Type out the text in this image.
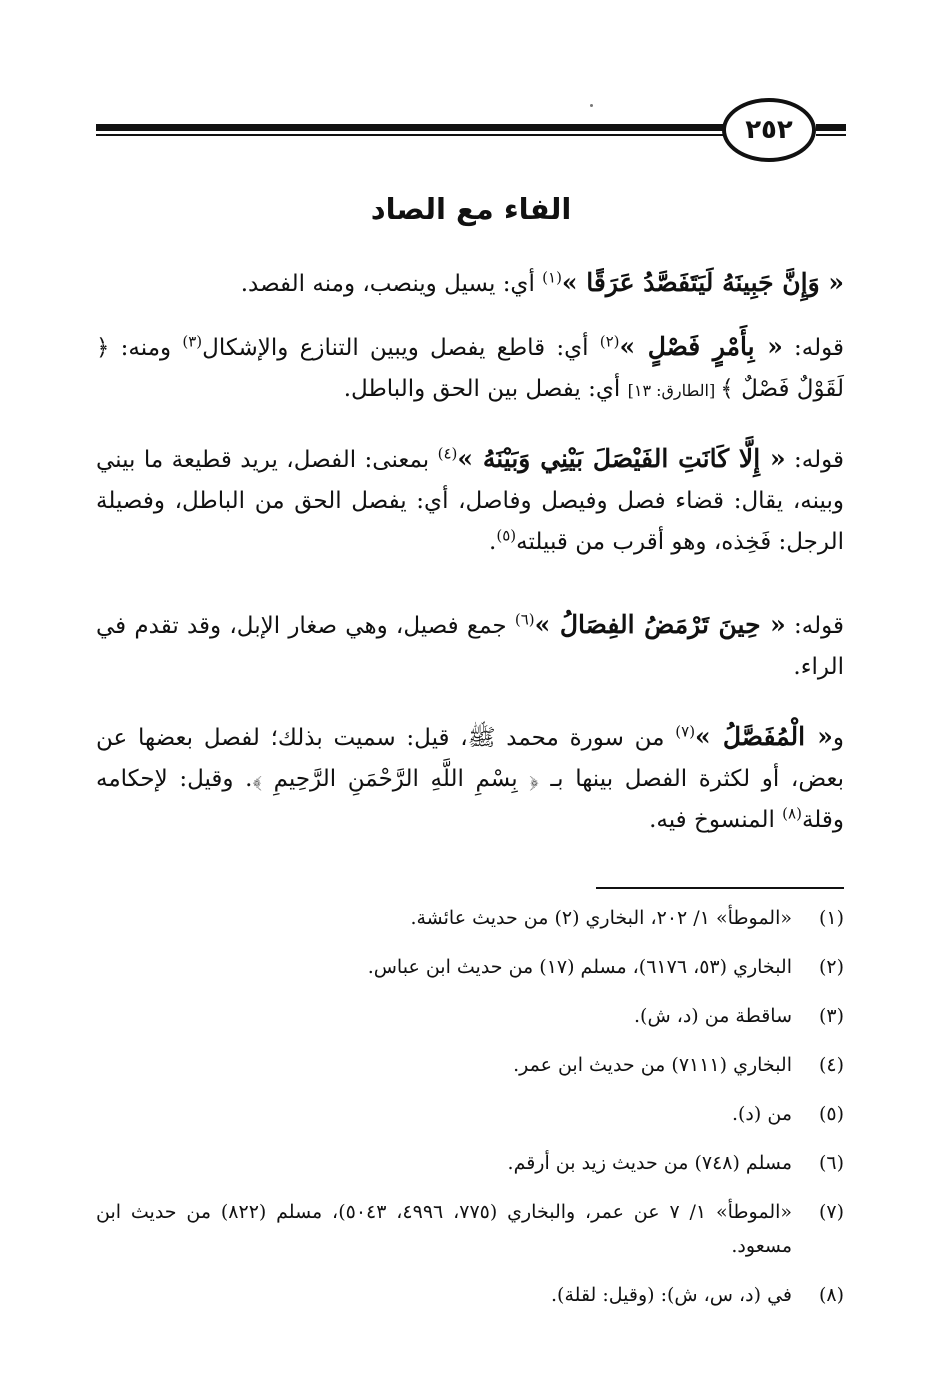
٢٥٢
الفاء مع الصاد

« وَإِنَّ جَبِينَهُ لَيَتَفَصَّدُ عَرَقًا »$^{(١)}$ أي: يسيل وينصب، ومنه الفصد.

قوله: « بِأَمْرٍ فَصْلٍ »$^{(٢)}$ أي: قاطع يفصل ويبين التنازع والإشكال$^{(٣)}$ ومنه: ﴿ لَقَوْلٌ فَصْلٌ ﴾ [الطارق: ١٣] أي: يفصل بين الحق والباطل.

قوله: « إِلَّا كَانَتِ الفَيْصَلَ بَيْنِي وَبَيْنَهُ »$^{(٤)}$ بمعنى: الفصل، يريد قطيعة ما بيني وبينه، يقال: قضاء فصل وفيصل وفاصل، أي: يفصل الحق من الباطل، وفصيلة الرجل: فَخِذه، وهو أقرب من قبيلته$^{(٥)}$.

قوله: « حِينَ تَرْمَضُ الفِصَالُ »$^{(٦)}$ جمع فصيل، وهي صغار الإبل، وقد تقدم في الراء.

و« الْمُفَصَّلُ »$^{(٧)}$ من سورة محمد ﷺ، قيل: سميت بذلك؛ لفصل بعضها عن بعض، أو لكثرة الفصل بينها بـ ﴿ بِسْمِ اللَّهِ الرَّحْمَنِ الرَّحِيمِ ﴾. وقيل: لإحكامه وقلة$^{(٨)}$ المنسوخ فيه.

(١)
«الموطأ» ١/ ٢٠٢، البخاري (٢) من حديث عائشة.
(٢)
البخاري (٥٣، ٦١٧٦)، مسلم (١٧) من حديث ابن عباس.
(٣)
ساقطة من (د، ش).
(٤)
البخاري (٧١١١) من حديث ابن عمر.
(٥)
من (د).
(٦)
مسلم (٧٤٨) من حديث زيد بن أرقم.
(٧)
«الموطأ» ١/ ٧ عن عمر، والبخاري (٧٧٥، ٤٩٩٦، ٥٠٤٣)، مسلم (٨٢٢) من حديث ابن مسعود.
(٨)
في (د، س، ش): (وقيل: لقلة).
